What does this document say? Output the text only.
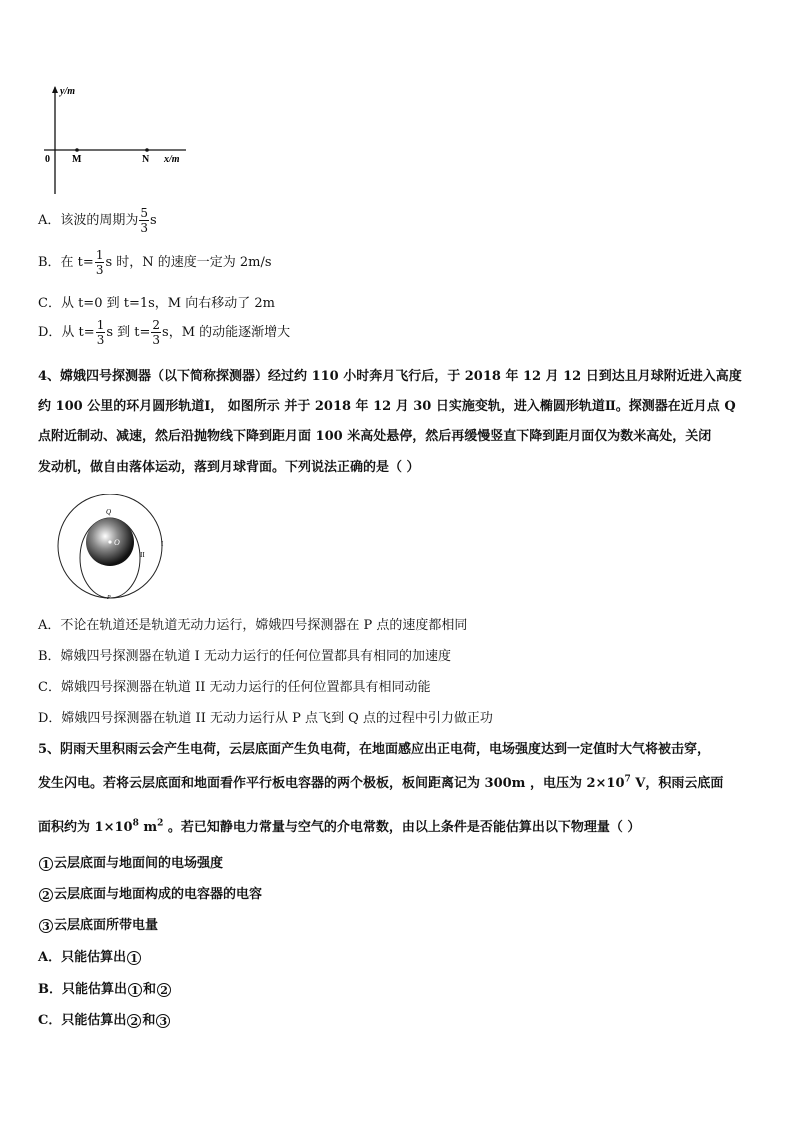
y/m
x/m
0 M	N
A．该波的周期为 $\frac{5}{3}$ s
B．在 $t= \frac{1}{3}$ s 时，N 的速度一定为 2m/s
C．从 t=0 到 t=1s，M 向右移动了 2m
D．从 $t= \frac{1}{3}$ s 到 $t= \frac{2}{3}$ s，M 的动能逐渐增大
4、嫦娥四号探测器（以下简称探测器）经过约 110 小时奔月飞行后，于 2018 年 12 月 12 日到达且月球附近进入高度
约 100 公里的环月圆形轨道Ⅰ， 如图所示 并于 2018 年 12 月 30 日实施变轨，进入椭圆形轨道Ⅱ。探测器在近月点 Q
点附近制动、减速，然后沿抛物线下降到距月面 100 米高处悬停，然后再缓慢竖直下降到距月面仅为数米高处，关闭
发动机，做自由落体运动，落到月球背面。下列说法正确的是（ ）
O
Q
P
II
I
A．不论在轨道还是轨道无动力运行，嫦娥四号探测器在 P 点的速度都相同
B．嫦娥四号探测器在轨道 I 无动力运行的任何位置都具有相同的加速度
C．嫦娥四号探测器在轨道 II 无动力运行的任何位置都具有相同动能
D．嫦娥四号探测器在轨道 II 无动力运行从 P 点飞到 Q 点的过程中引力做正功
5、阴雨天里积雨云会产生电荷，云层底面产生负电荷，在地面感应出正电荷，电场强度达到一定值时大气将被击穿，
发生闪电。若将云层底面和地面看作平行板电容器的两个极板，板间距离记为 300m ，电压为 $2\times 10^7$ V，积雨云底面
面积约为 $1\times 10^8$ $m^2$ 。若已知静电力常量与空气的介电常数，由以上条件是否能估算出以下物理量（ ）
1 云层底面与地面间的电场强度
2 云层底面与地面构成的电容器的电容
3 云层底面所带电量
A．只能估算出 1
B．只能估算出 1 和 2
C．只能估算出 2 和 3
